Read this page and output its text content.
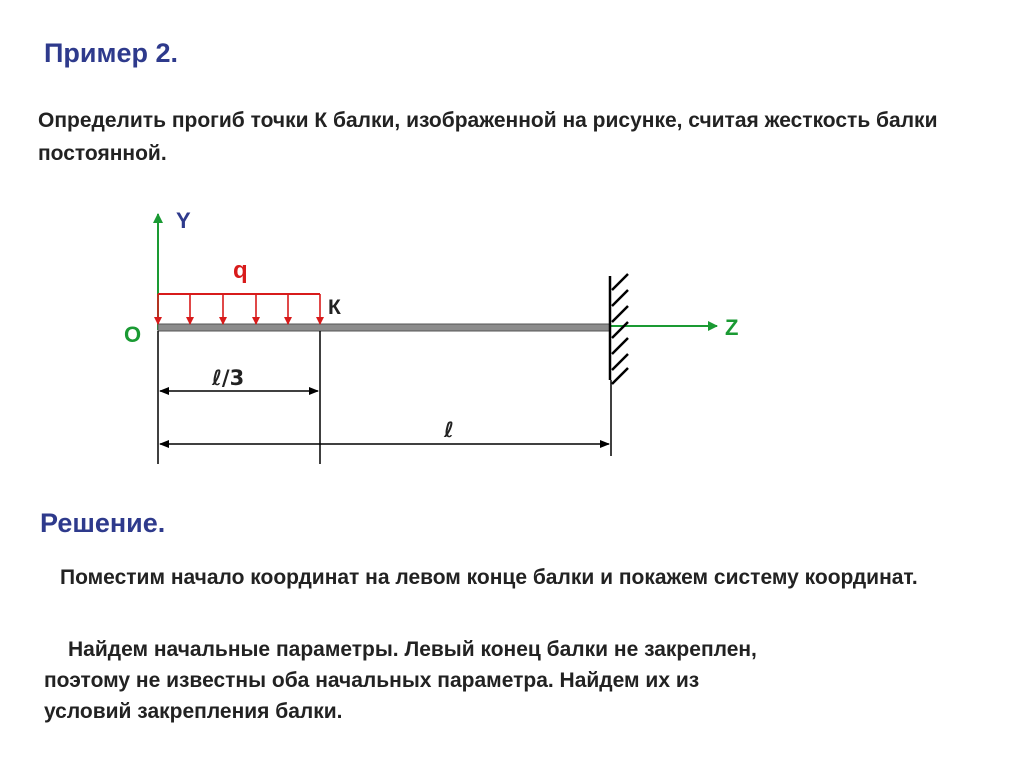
Пример 2.
Определить прогиб точки К балки, изображенной на рисунке, считая жесткость балки постоянной.
Y
Z
O
q
К
ℓ/3
ℓ
Решение.
Поместим начало координат на левом конце балки и покажем систему координат.
Найдем начальные параметры. Левый конец балки не закреплен,
поэтому не известны оба начальных параметра. Найдем их из
условий закрепления балки.
